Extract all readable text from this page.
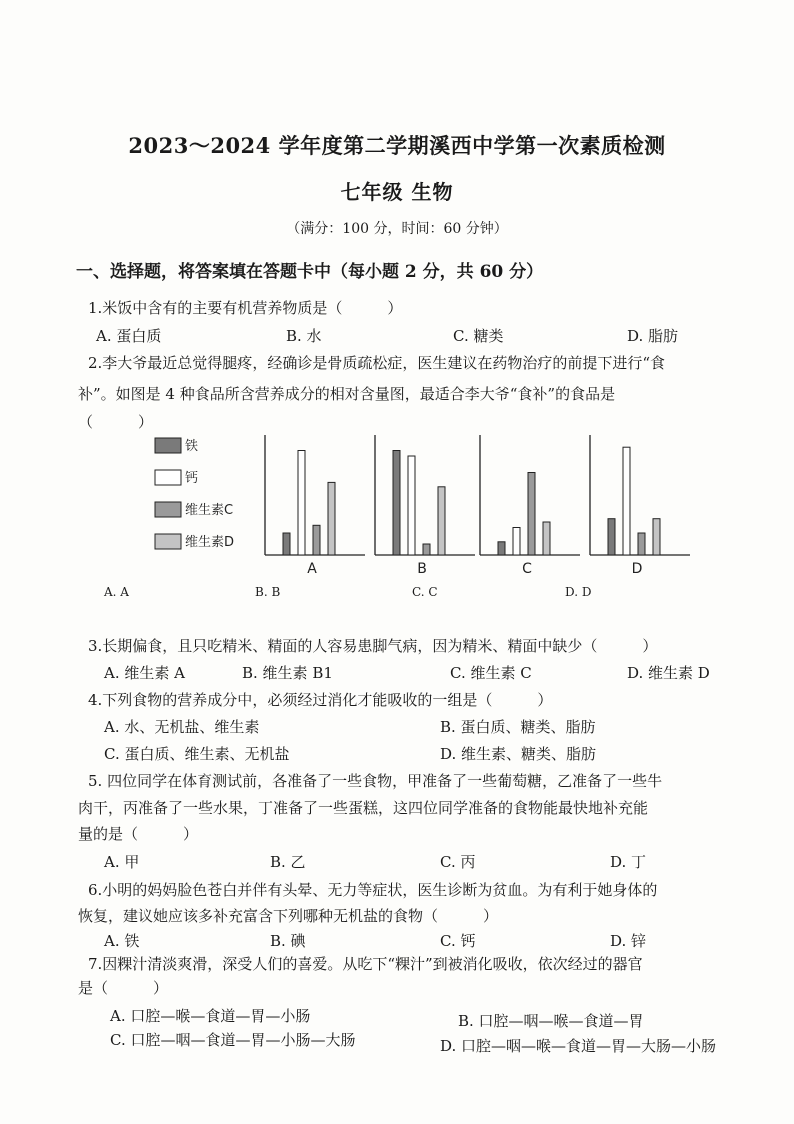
2023～2024 学年度第二学期溪西中学第一次素质检测
七年级 生物
（满分：100 分，时间：60 分钟）
一、选择题，将答案填在答题卡中（每小题 2 分，共 60 分）
1.米饭中含有的主要有机营养物质是（　　　）
A. 蛋白质	B. 水	C. 糖类	D. 脂肪
2.李大爷最近总觉得腿疼，经确诊是骨质疏松症，医生建议在药物治疗的前提下进行“食
补”。如图是 4 种食品所含营养成分的相对含量图，最适合李大爷“食补”的食品是
（　　　）
铁
钙
维生素C
维生素D
A	B	C	D
A. A	B. B	C. C	D. D
3.长期偏食，且只吃精米、精面的人容易患脚气病，因为精米、精面中缺少（　　　）
A. 维生素 A	B. 维生素 B1	C. 维生素 C	D. 维生素 D
4.下列食物的营养成分中，必须经过消化才能吸收的一组是（　　　）
A. 水、无机盐、维生素	B. 蛋白质、糖类、脂肪
C. 蛋白质、维生素、无机盐	D. 维生素、糖类、脂肪
5. 四位同学在体育测试前，各准备了一些食物，甲准备了一些葡萄糖，乙准备了一些牛
肉干，丙准备了一些水果，丁准备了一些蛋糕，这四位同学准备的食物能最快地补充能
量的是（　　　）
A. 甲	B. 乙	C. 丙	D. 丁
6.小明的妈妈脸色苍白并伴有头晕、无力等症状，医生诊断为贫血。为有利于她身体的
恢复，建议她应该多补充富含下列哪种无机盐的食物（　　　）
A. 铁	B. 碘	C. 钙	D. 锌
7.因粿汁清淡爽滑，深受人们的喜爱。从吃下“粿汁”到被消化吸收，依次经过的器官
是（　　　）
A. 口腔—喉—食道—胃—小肠	B. 口腔—咽—喉—食道—胃
C. 口腔—咽—食道—胃—小肠—大肠	D. 口腔—咽—喉—食道—胃—大肠—小肠
